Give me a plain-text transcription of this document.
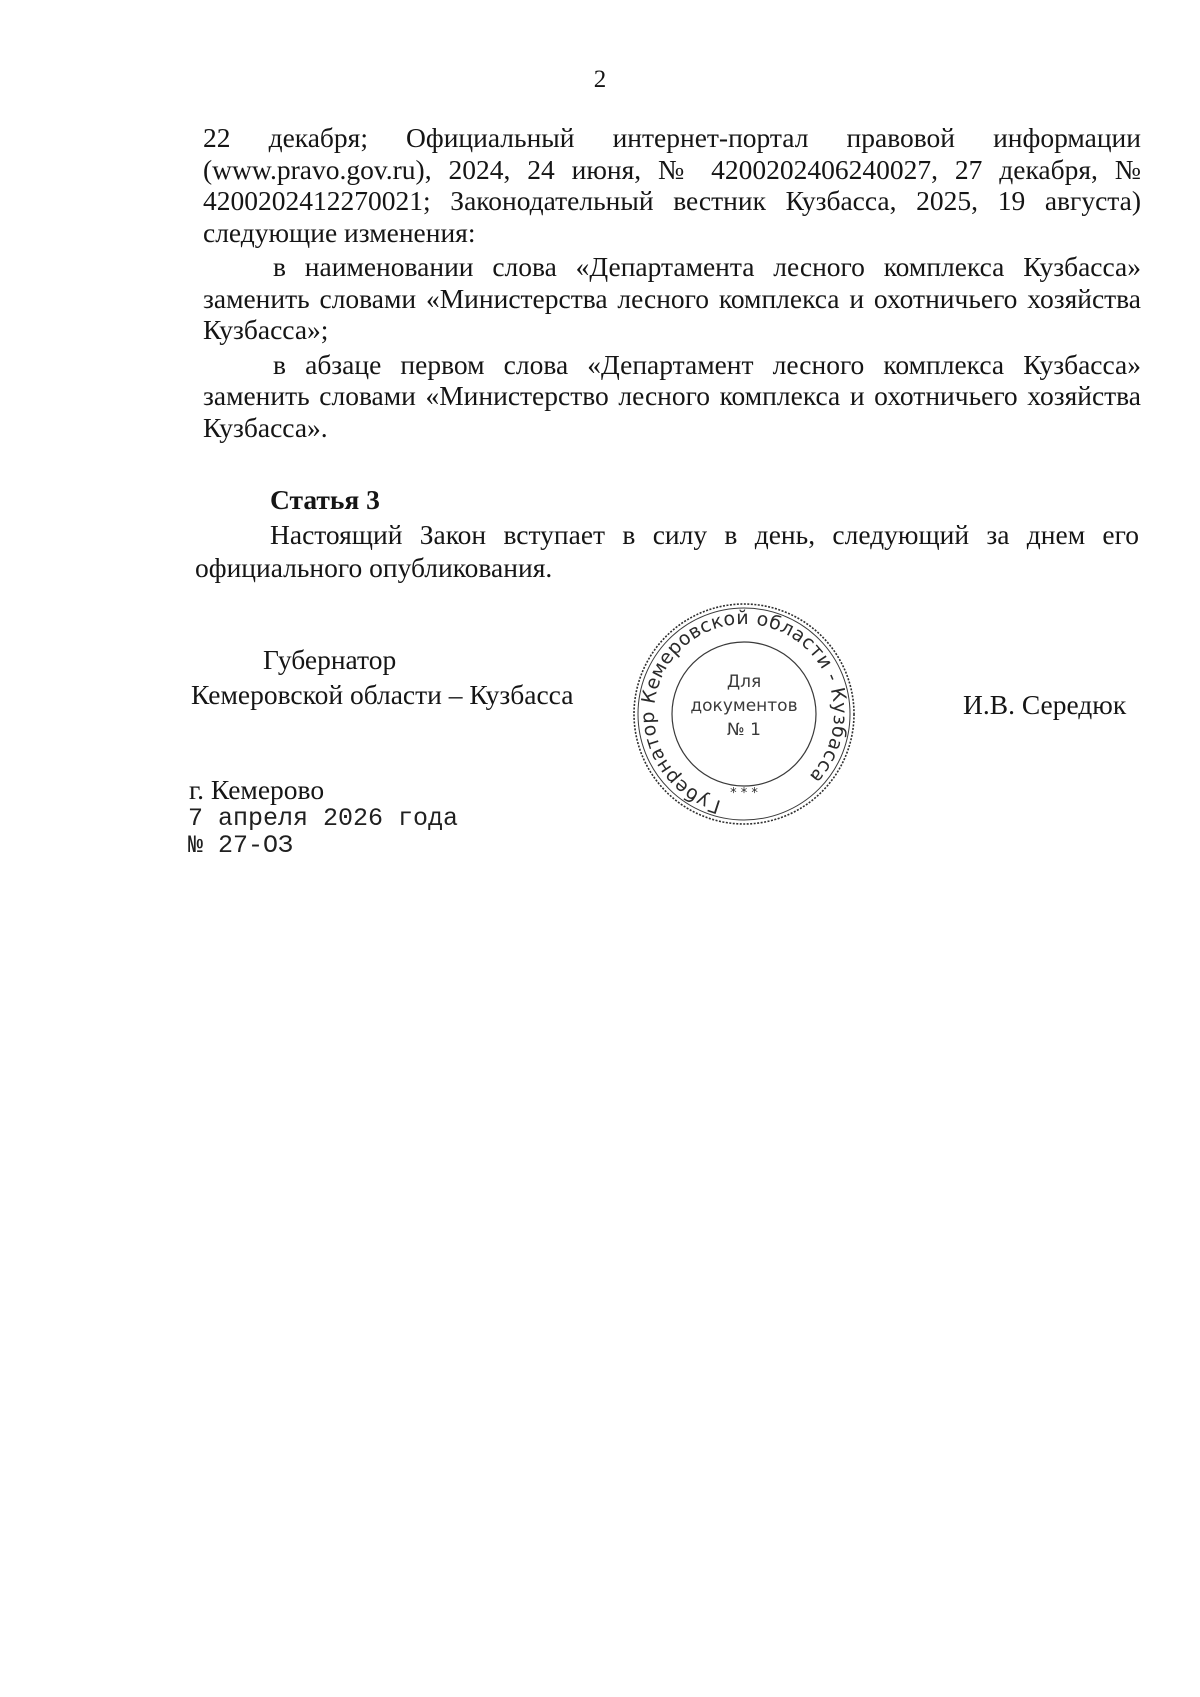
2

22 декабря; Официальный интернет-портал правовой информации (www.pravo.gov.ru), 2024, 24 июня, № 4200202406240027, 27 декабря, № 4200202412270021; Законодательный вестник Кузбасса, 2025, 19 августа) следующие изменения:

в наименовании слова «Департамента лесного комплекса Кузбасса» заменить словами «Министерства лесного комплекса и охотничьего хозяйства Кузбасса»;

в абзаце первом слова «Департамент лесного комплекса Кузбасса» заменить словами «Министерство лесного комплекса и охотничьего хозяйства Кузбасса».

Статья 3

Настоящий Закон вступает в силу в день, следующий за днем его официального опубликования.

Губернатор
Кемеровской области – Кузбасса	И.В. Середюк
Губернатор Кемеровской области - Кузбасса
Для
документов
№ 1
* * *
г. Кемерово
7 апреля 2026 года
№ 27-ОЗ
